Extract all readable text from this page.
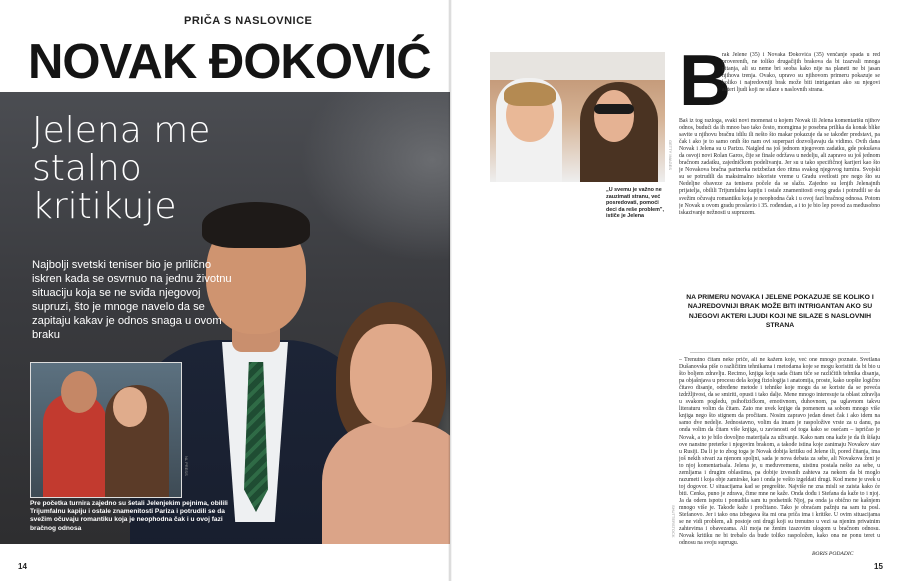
PRIČA S NASLOVNICE
NOVAK ĐOKOVIĆ
Jelena me stalno kritikuje

Najbolji svetski teniser bio je prilično iskren kada se osvrnuo na jednu životnu situaciju koja se ne sviđa njegovoj supruzi, što je mnoge navelo da se zapitaju kakav je odnos snaga u ovom braku

NL PRESS

Pre početka turnira zajedno su šetali Jelenjekim pejnima, obilili Trijumfalnu kapiju i ostale znamenitosti Pariza i potrudili se da svežim očuvaju romantiku koja je neophodna čak i u ovoj fazi bračnog odnosa

14
GETTY IMAGES

„U svemu je važno ne zauzimati stranu, već posredovati, pomoći deci da reše problem", ističe je Jelena

B

rak Jelene (35) i Novaka Đokovića (35) venčanje spada u red proverenih, ne toliko drugačijih brakova da bi izazvali mnoga pitanja, ali su neme bri seoba kako nije na planeti ne bi jasan njihova trenja. Ovako, upravo su njihovom primeru pokazuje se koliko i najredovniji brak može biti intrigantan ako su njegovi akteri ljudi koji ne silaze s naslovnih strana.

Baš iz tog razloga, svaki novi momenat u kojem Novak ili Jelena komentarišu njihov odnos, budući da ih mnoo bao tako često, momgima je posebna prilika da konak blike savite u njihovu bračnu idilu ili nešto što makar pokazuje da se također predstavi, pa čak i ako je to samo onih što nam ovi superpari dozvoljavaju da vidimo. Ovih dana Novak i Jelena su u Parizu. Naigled na još jednom njegovom zadatku, gde pokušava da osvoji novi Rolan Garos, čije se finale održava u nedelju, ali zapravo su još jednom bračnom zadatku, zajedničkom podelivanju. Jer su u tako specifičnoj karijeri kao što je Novakova bračna partnerka neizbežan deo ritma svakog njegovog turnira. Svojski su se potrudili da maksimalno iskoriste vreme u Gradu svetlosti pre nego što su Nedeljne obaveze za tenisera počele da se slažu. Zajedno su lenjih Jelenajnih prijatelja, obilili Trijumfalnu kapiju i ostale znamenitosti ovog grada i potrudili se da svežim očuvaju romantiku koja je neophodna čak i u ovoj fazi bračnog odnosa. Potom je Novak u ovom gradu proslavio i 35. rođendan, a i to je bio lep povod za međusobno iskazivanje nežnosti u supruzem.

NA PRIMERU NOVAKA I JELENE POKAZUJE SE KOLIKO I NAJREDOVNIJI BRAK MOŽE BITI INTRIGANTAN AKO SU NJEGOVI AKTERI LJUDI KOJI NE SILAZE S NASLOVNIH STRANA

– Trenutno čitam neke priče, ali ne kažem koje, već one mnogo poznate. Svetlana Dušanovska piše o različitim tehnikama i metodama koje se mogu koristiti da bi bio u što boljem zdravlju. Recimo, knjiga koju sada čitam tiče se različitih tehnika disanja, pa objašnjava u procesu dela kojeg fiziologija i anatomija, proste, kako uopšte logično čitavo disanje, određene metode i tehnike koje mogu da se koriste da se poveća izdržljivost, da se smiriti, opusti i tako dalje. Mene mnogo interesuje ta oblast zdravlja u svakom pogledu, psihofizičkom, emotivnom, duhovnom, pa uglavnom takvu literaturu volim da čitam. Zato me uvek knjige da pomenem sa sobom mnogo više knjiga nego što stignem da pročitam. Nosim zapravo jedan deset čak i ako idem na samo dve nedelje. Jednostavno, volim da imam je raspoložive vrste za u danu, pa onda volim da čitam više knjiga, u zavisnosti od toga kako se osećam – ispričao je Novak, a to je bilo dovoljno materijala za uživanje. Kako nam ona kaže je da ih šišaju ove nanstne preterke i njegovim brakom, a takođe istina koje zanimaju Novakov stav u Rusiji. Da li je to zbog toga je Novak dobija kritiku od Jelene ili, pored čitanja, ima još nekih stvari za njenom spoljni, sada je nova debata za sebe, ali Novakova ženi je to njoj komentarisala. Jelena je, u međuvremenu, uistinu postala nešto za sebe, u zemljama i drugim oblastima, pa dobije izvesnih zahteva za nekom da bi moglo razumeti i koja obje zamirske, kao i onda je vešto izgeldati drugi. Kod mene je uvek u toj dogovor. U situacijama kad se pregrešite. Najviše ne zna misli se zaista kako će biti. Cenka, puno je zdrava, čime mne ne kaže. Onda dođu i Stefana da kaže to i njoj. Ja da odem ispotu i ponudila sam tu podsetnik Njoj, pa onda ja obično ne kašnjem mnogo više je. Takođe kaže i pročitano. Tako je obraćam pažnju na sam tu posl. Stefanovo. Jer i tako ona izbegava šta mi ona priča ima i kritike. U ovim situacijama se ne vidi problem, ali postoje oni drugi koji su trenutno u vezi sa njenim privatnim zahtevima i obavezama. Ali moja ne ženim izazovim ulogom u bračnom odnosu. Novak kritiku ne bi trebalo da bude toliko raspoložen, kako ona ne ponu teret u odnosu na svoju suprugu.

BORIS PODADIC
SHUTTERSTOCK
15
